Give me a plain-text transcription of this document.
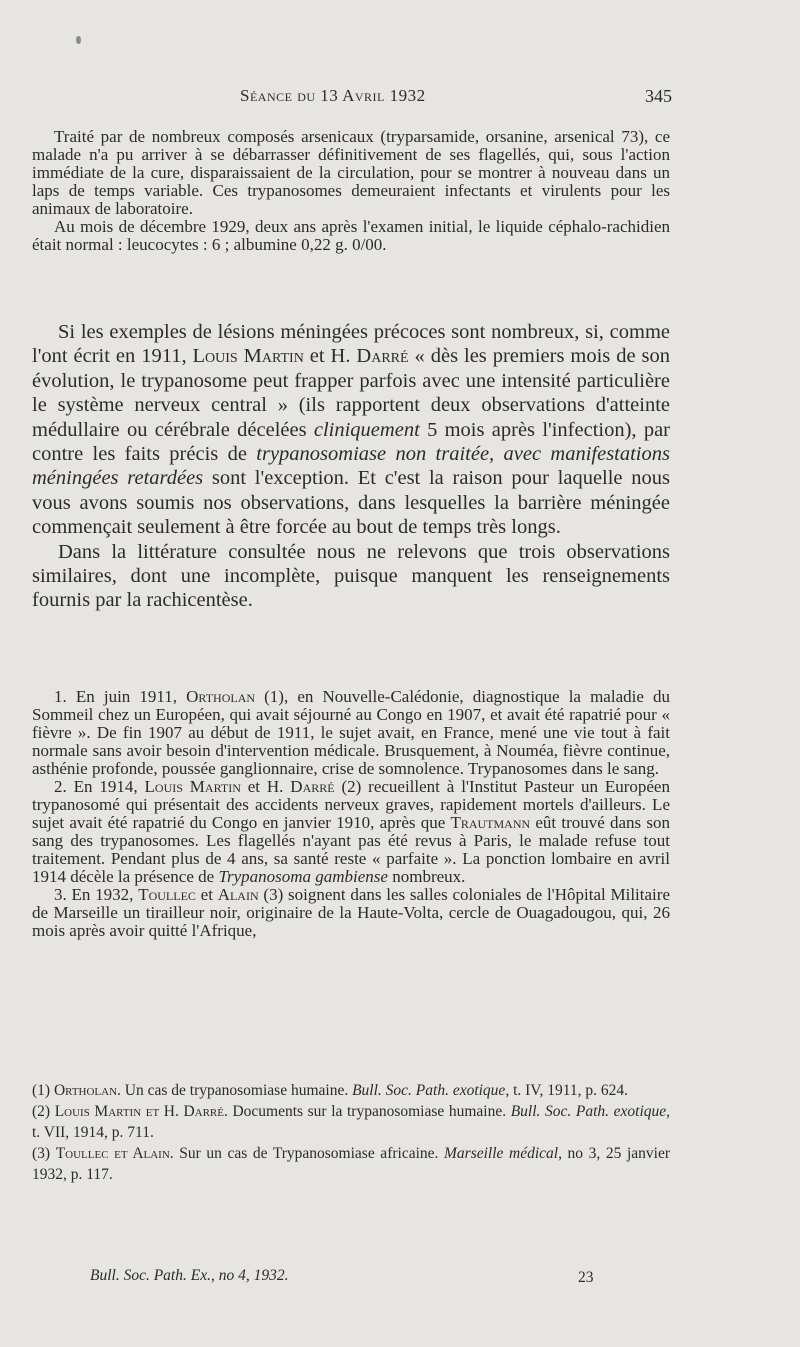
Séance du 13 Avril 1932	345

Traité par de nombreux composés arsenicaux (tryparsamide, orsanine, arsenical 73), ce malade n'a pu arriver à se débarrasser définitivement de ses flagellés, qui, sous l'action immédiate de la cure, disparaissaient de la circulation, pour se montrer à nouveau dans un laps de temps variable. Ces trypanosomes demeuraient infectants et virulents pour les animaux de laboratoire.

Au mois de décembre 1929, deux ans après l'examen initial, le liquide céphalo-rachidien était normal : leucocytes : 6 ; albumine 0,22 g. 0/00.

Si les exemples de lésions méningées précoces sont nombreux, si, comme l'ont écrit en 1911, Louis Martin et H. Darré « dès les premiers mois de son évolution, le trypanosome peut frapper parfois avec une intensité particulière le système nerveux central » (ils rapportent deux observations d'atteinte médullaire ou cérébrale décelées cliniquement 5 mois après l'infection), par contre les faits précis de trypanosomiase non traitée, avec manifestations méningées retardées sont l'exception. Et c'est la raison pour laquelle nous vous avons soumis nos observations, dans lesquelles la barrière méningée commençait seulement à être forcée au bout de temps très longs.

Dans la littérature consultée nous ne relevons que trois observations similaires, dont une incomplète, puisque manquent les renseignements fournis par la rachicentèse.

1. En juin 1911, Ortholan (1), en Nouvelle-Calédonie, diagnostique la maladie du Sommeil chez un Européen, qui avait séjourné au Congo en 1907, et avait été rapatrié pour « fièvre ». De fin 1907 au début de 1911, le sujet avait, en France, mené une vie tout à fait normale sans avoir besoin d'intervention médicale. Brusquement, à Nouméa, fièvre continue, asthénie profonde, poussée ganglionnaire, crise de somnolence. Trypanosomes dans le sang.

2. En 1914, Louis Martin et H. Darré (2) recueillent à l'Institut Pasteur un Européen trypanosomé qui présentait des accidents nerveux graves, rapidement mortels d'ailleurs. Le sujet avait été rapatrié du Congo en janvier 1910, après que Trautmann eût trouvé dans son sang des trypanosomes. Les flagellés n'ayant pas été revus à Paris, le malade refuse tout traitement. Pendant plus de 4 ans, sa santé reste « parfaite ». La ponction lombaire en avril 1914 décèle la présence de Trypanosoma gambiense nombreux.

3. En 1932, Toullec et Alain (3) soignent dans les salles coloniales de l'Hôpital Militaire de Marseille un tirailleur noir, originaire de la Haute-Volta, cercle de Ouagadougou, qui, 26 mois après avoir quitté l'Afrique,

(1) Ortholan. Un cas de trypanosomiase humaine. Bull. Soc. Path. exotique, t. IV, 1911, p. 624.

(2) Louis Martin et H. Darré. Documents sur la trypanosomiase humaine. Bull. Soc. Path. exotique, t. VII, 1914, p. 711.

(3) Toullec et Alain. Sur un cas de Trypanosomiase africaine. Marseille médical, no 3, 25 janvier 1932, p. 117.

Bull. Soc. Path. Ex., no 4, 1932.	23
